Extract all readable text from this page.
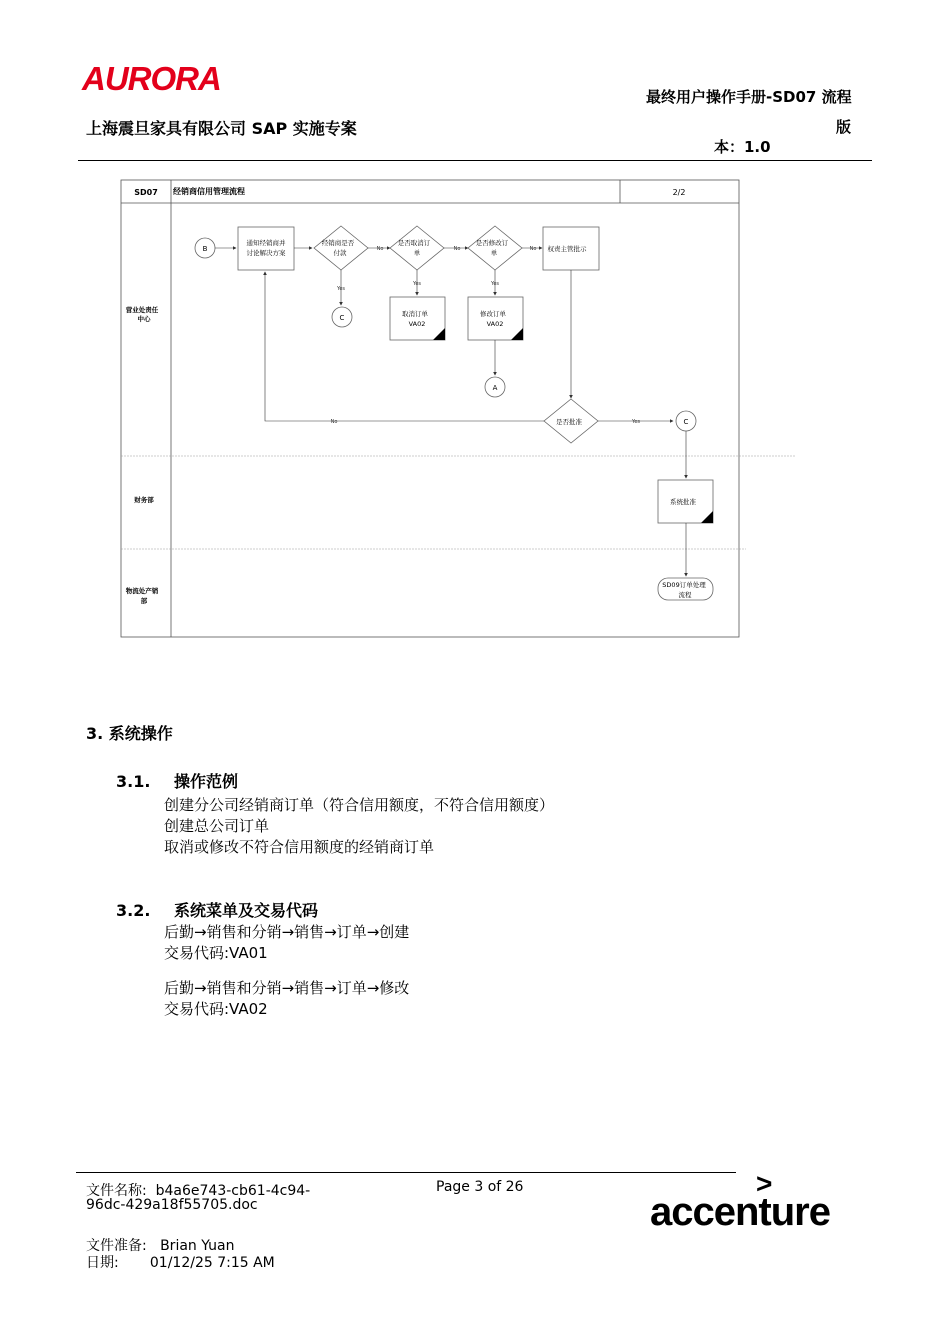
AURORA
上海震旦家具有限公司 SAP 实施专案
最终用户操作手册-SD07 流程
版
本：1.0
SD07 经销商信用管理流程	2/2
营业处责任
中心
财务部
物流处产销
部
B
通知经销商并
讨论解决方案
经销商是否
付款	No
是否取消订
单	No
是否修改订
单	No 权责主管批示
Yes
C
Yes
取消订单
VA02
Yes
修改订单
VA02
A
是否批准
No	Yes	C
系统批准
SD09订单处理
流程
3. 系统操作
3.1. 操作范例
创建分公司经销商订单（符合信用额度，不符合信用额度）
创建总公司订单
取消或修改不符合信用额度的经销商订单
3.2. 系统菜单及交易代码
后勤→销售和分销→销售→订单→创建
交易代码:VA01
后勤→销售和分销→销售→订单→修改
交易代码:VA02
文件名称: b4a6e743-cb61-4c94-
96dc-429a18f55705.doc
Page 3 of 26
文件准备: Brian Yuan
日期: 01/12/25 7:15 AM
>
accenture
